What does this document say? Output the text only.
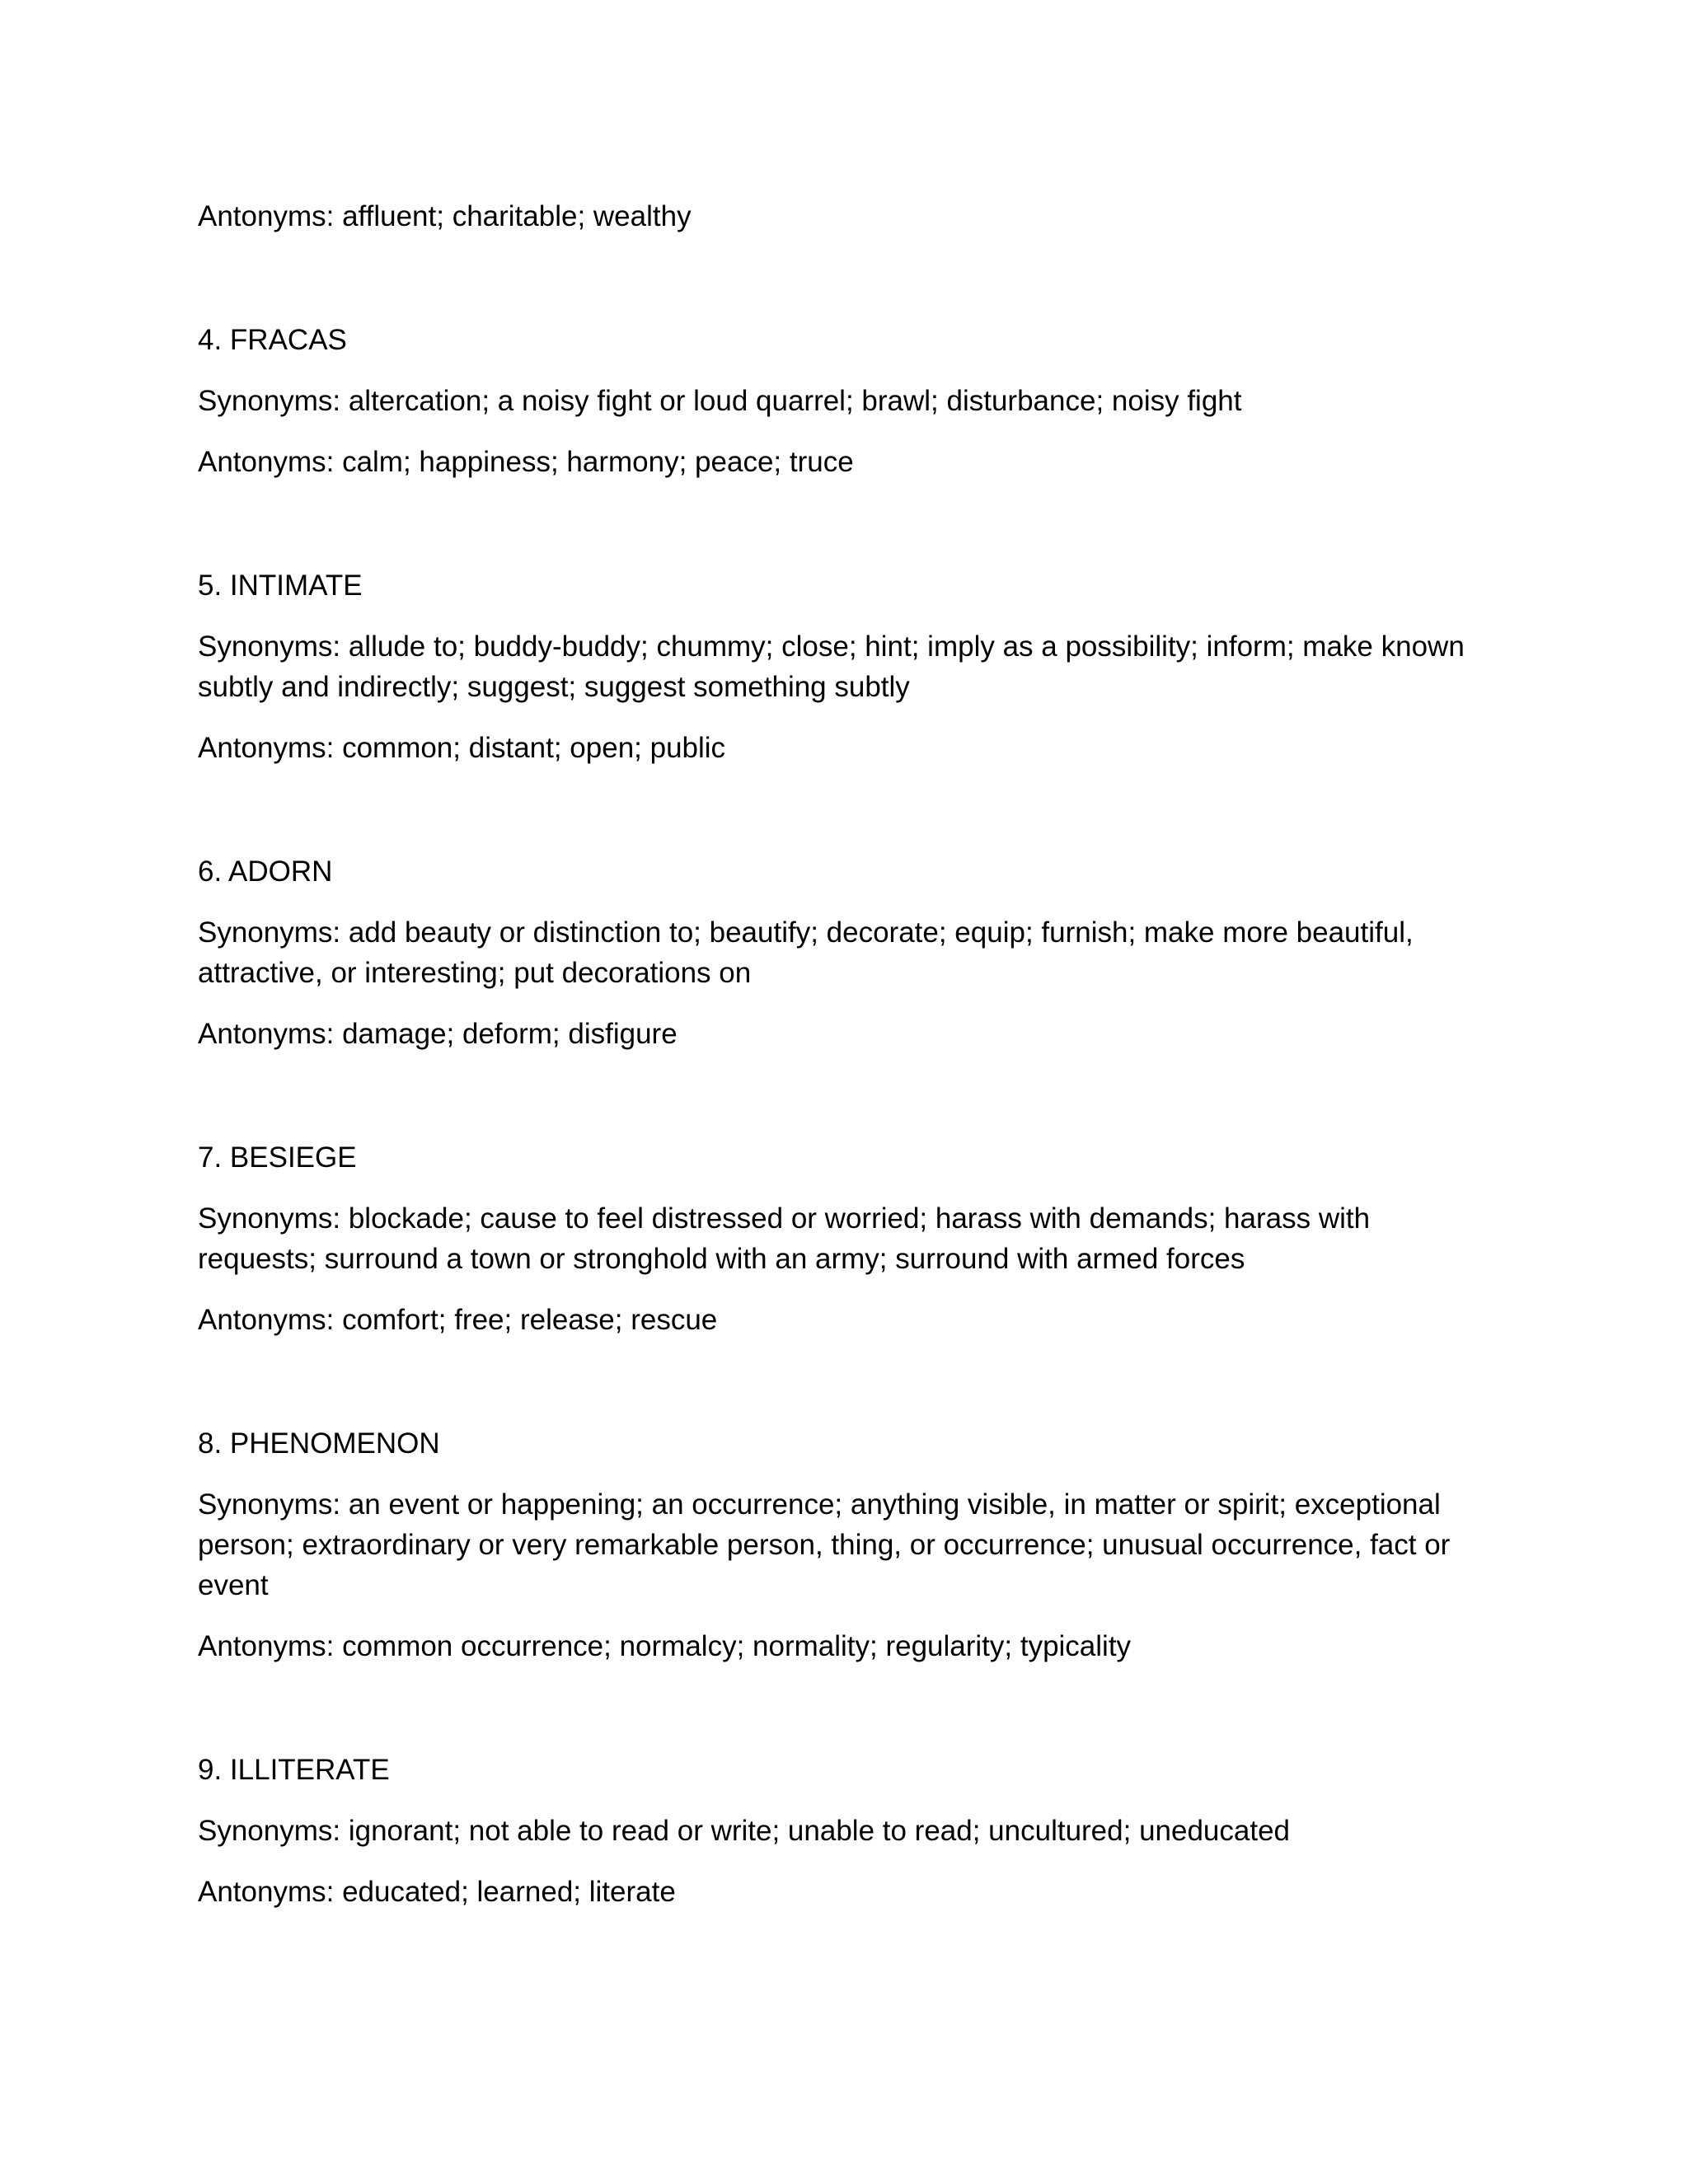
Antonyms: affluent; charitable; wealthy

4. FRACAS

Synonyms: altercation; a noisy fight or loud quarrel; brawl; disturbance; noisy fight

Antonyms: calm; happiness; harmony; peace; truce

5. INTIMATE

Synonyms: allude to; buddy-buddy; chummy; close; hint; imply as a possibility; inform; make known subtly and indirectly; suggest; suggest something subtly

Antonyms: common; distant; open; public

6. ADORN

Synonyms: add beauty or distinction to; beautify; decorate; equip; furnish; make more beautiful, attractive, or interesting; put decorations on

Antonyms: damage; deform; disfigure

7. BESIEGE

Synonyms: blockade; cause to feel distressed or worried; harass with demands; harass with requests; surround a town or stronghold with an army; surround with armed forces

Antonyms: comfort; free; release; rescue

8. PHENOMENON

Synonyms: an event or happening; an occurrence; anything visible, in matter or spirit; exceptional person; extraordinary or very remarkable person, thing, or occurrence; unusual occurrence, fact or event

Antonyms: common occurrence; normalcy; normality; regularity; typicality

9. ILLITERATE

Synonyms: ignorant; not able to read or write; unable to read; uncultured; uneducated

Antonyms: educated; learned; literate
